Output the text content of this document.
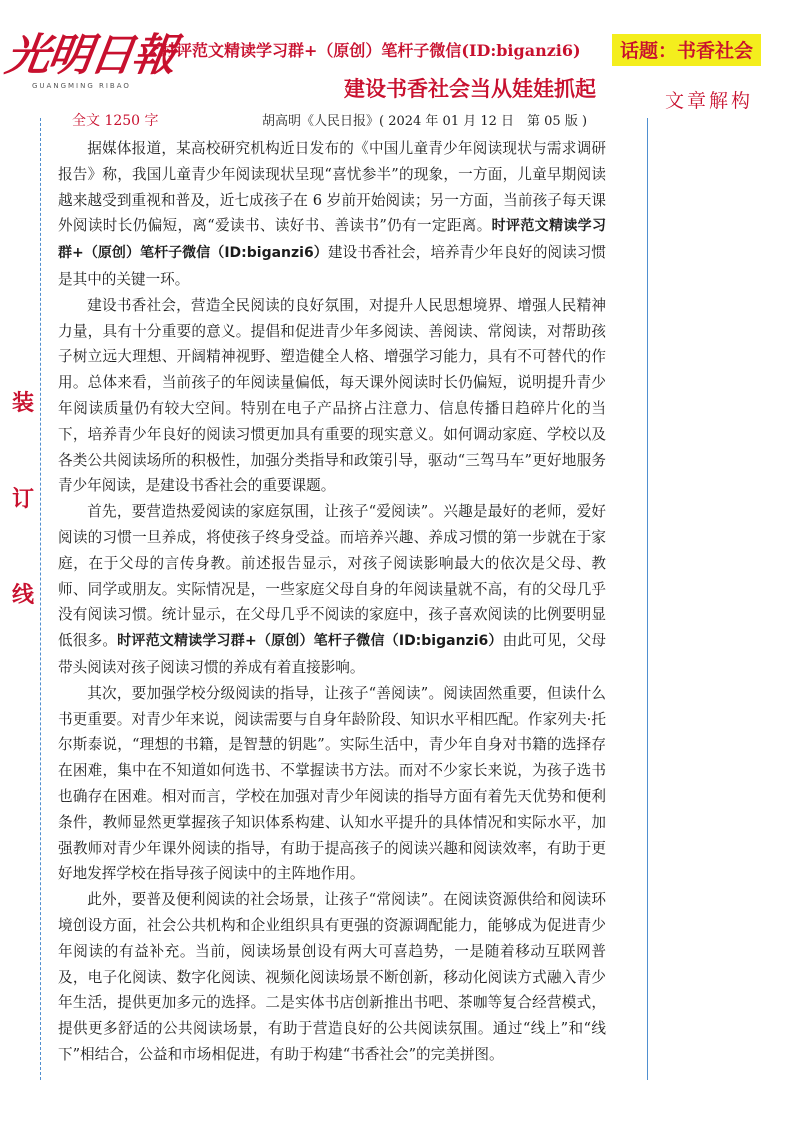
光明日報
GUANGMING RIBAO
时评范文精读学习群+（原创）笔杆子微信(ID:biganzi6)	话题：书香社会
建设书香社会当从娃娃抓起	文章解构
全文 1250 字	胡高明《人民日报》( 2024 年 01 月 12 日　第 05 版 )
装
订
线

据媒体报道，某高校研究机构近日发布的《中国儿童青少年阅读现状与需求调研报告》称，我国儿童青少年阅读现状呈现“喜忧参半”的现象，一方面，儿童早期阅读越来越受到重视和普及，近七成孩子在 6 岁前开始阅读；另一方面，当前孩子每天课外阅读时长仍偏短，离“爱读书、读好书、善读书”仍有一定距离。时评范文精读学习群+（原创）笔杆子微信（ID:biganzi6）建设书香社会，培养青少年良好的阅读习惯是其中的关键一环。

建设书香社会，营造全民阅读的良好氛围，对提升人民思想境界、增强人民精神力量，具有十分重要的意义。提倡和促进青少年多阅读、善阅读、常阅读，对帮助孩子树立远大理想、开阔精神视野、塑造健全人格、增强学习能力，具有不可替代的作用。总体来看，当前孩子的年阅读量偏低，每天课外阅读时长仍偏短，说明提升青少年阅读质量仍有较大空间。特别在电子产品挤占注意力、信息传播日趋碎片化的当下，培养青少年良好的阅读习惯更加具有重要的现实意义。如何调动家庭、学校以及各类公共阅读场所的积极性，加强分类指导和政策引导，驱动“三驾马车”更好地服务青少年阅读，是建设书香社会的重要课题。

首先，要营造热爱阅读的家庭氛围，让孩子“爱阅读”。兴趣是最好的老师，爱好阅读的习惯一旦养成，将使孩子终身受益。而培养兴趣、养成习惯的第一步就在于家庭，在于父母的言传身教。前述报告显示，对孩子阅读影响最大的依次是父母、教师、同学或朋友。实际情况是，一些家庭父母自身的年阅读量就不高，有的父母几乎没有阅读习惯。统计显示，在父母几乎不阅读的家庭中，孩子喜欢阅读的比例要明显低很多。时评范文精读学习群+（原创）笔杆子微信（ID:biganzi6）由此可见，父母带头阅读对孩子阅读习惯的养成有着直接影响。

其次，要加强学校分级阅读的指导，让孩子“善阅读”。阅读固然重要，但读什么书更重要。对青少年来说，阅读需要与自身年龄阶段、知识水平相匹配。作家列夫·托尔斯泰说，“理想的书籍，是智慧的钥匙”。实际生活中，青少年自身对书籍的选择存在困难，集中在不知道如何选书、不掌握读书方法。而对不少家长来说，为孩子选书也确存在困难。相对而言，学校在加强对青少年阅读的指导方面有着先天优势和便利条件，教师显然更掌握孩子知识体系构建、认知水平提升的具体情况和实际水平，加强教师对青少年课外阅读的指导，有助于提高孩子的阅读兴趣和阅读效率，有助于更好地发挥学校在指导孩子阅读中的主阵地作用。

此外，要普及便利阅读的社会场景，让孩子“常阅读”。在阅读资源供给和阅读环境创设方面，社会公共机构和企业组织具有更强的资源调配能力，能够成为促进青少年阅读的有益补充。当前，阅读场景创设有两大可喜趋势，一是随着移动互联网普及，电子化阅读、数字化阅读、视频化阅读场景不断创新，移动化阅读方式融入青少年生活，提供更加多元的选择。二是实体书店创新推出书吧、茶咖等复合经营模式，提供更多舒适的公共阅读场景，有助于营造良好的公共阅读氛围。通过“线上”和“线下”相结合，公益和市场相促进，有助于构建“书香社会”的完美拼图。
